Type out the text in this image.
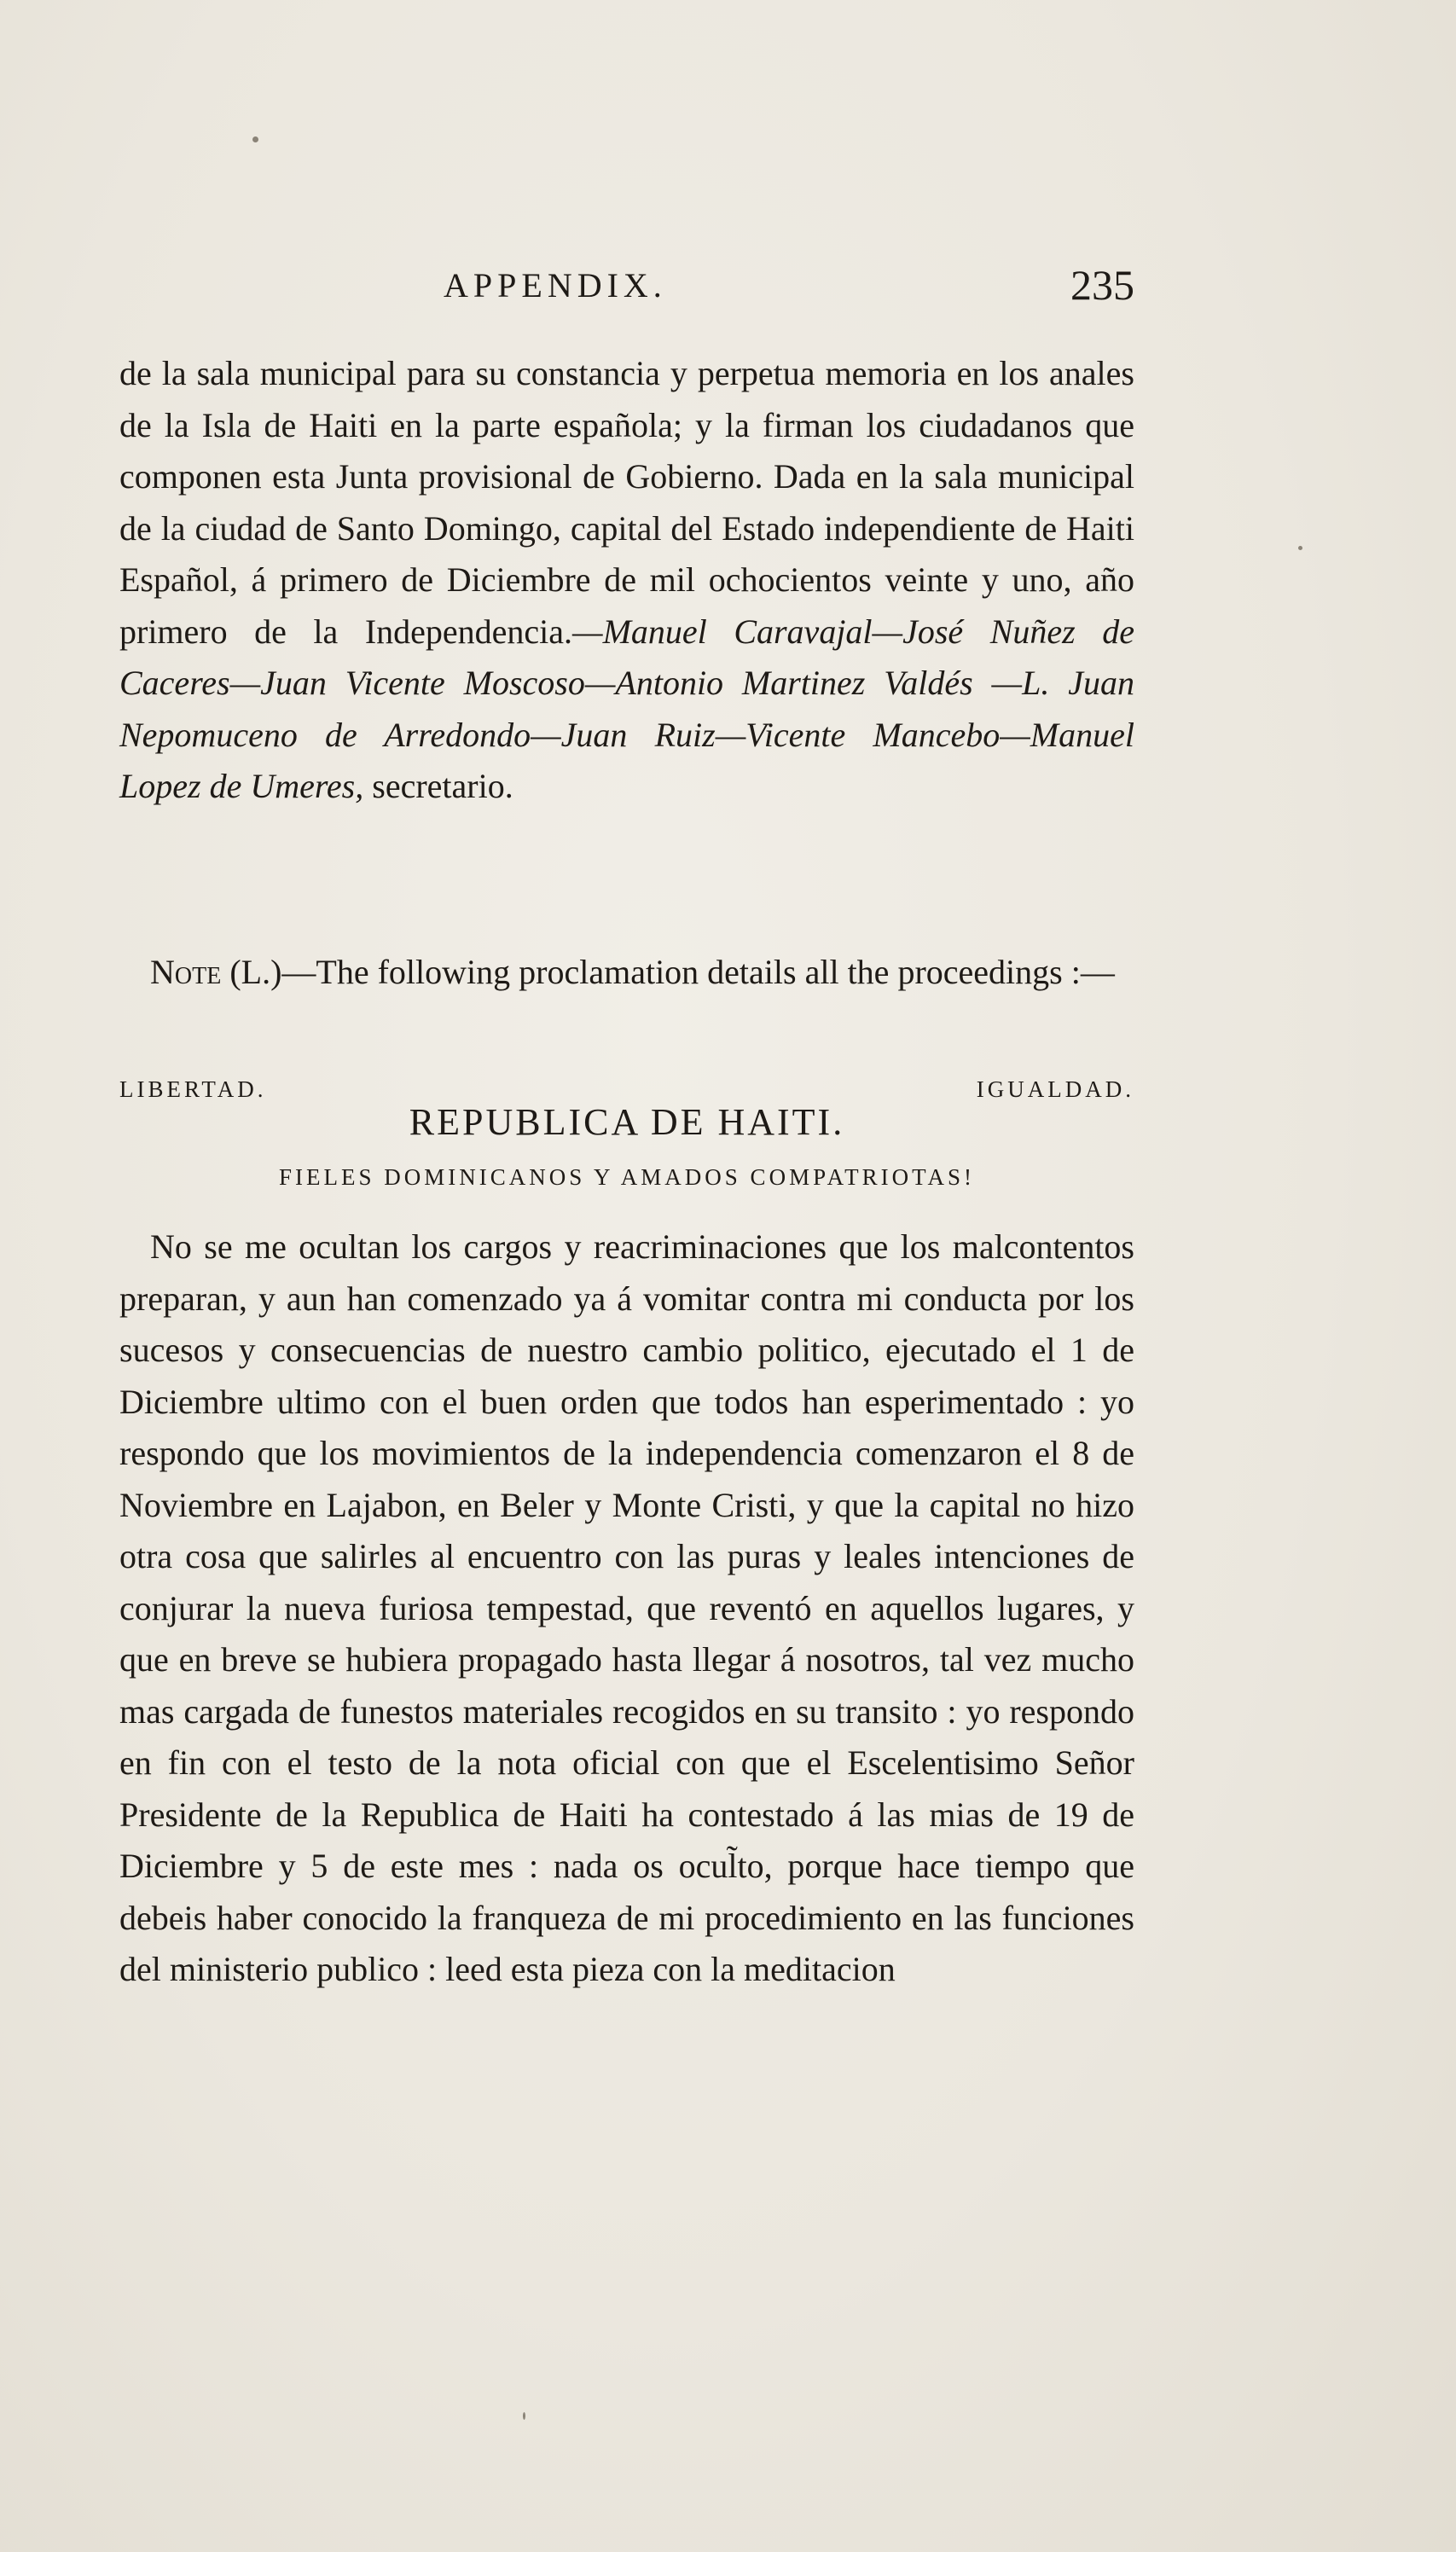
APPENDIX.	235

de la sala municipal para su constancia y perpetua memoria en los anales de la Isla de Haiti en la parte española; y la firman los ciudadanos que componen esta Junta provisional de Gobierno. Dada en la sala municipal de la ciudad de Santo Domingo, capital del Estado independiente de Haiti Español, á primero de Diciembre de mil ochocientos veinte y uno, año primero de la Independencia.—Manuel Caravajal—José Nuñez de Caceres—Juan Vicente Moscoso—Antonio Martinez Valdés —L. Juan Nepomuceno de Arredondo—Juan Ruiz—Vicente Mancebo—Manuel Lopez de Umeres, secretario.

Note (L.)—The following proclamation details all the proceedings :—

LIBERTAD.	IGUALDAD.
REPUBLICA DE HAITI.
FIELES DOMINICANOS Y AMADOS COMPATRIOTAS!

No se me ocultan los cargos y reacriminaciones que los malcontentos preparan, y aun han comenzado ya á vomitar contra mi conducta por los sucesos y consecuencias de nuestro cambio politico, ejecutado el 1 de Diciembre ultimo con el buen orden que todos han esperimentado : yo respondo que los movimientos de la independencia comenzaron el 8 de Noviembre en Lajabon, en Beler y Monte Cristi, y que la capital no hizo otra cosa que salirles al encuentro con las puras y leales intenciones de conjurar la nueva furiosa tempestad, que reventó en aquellos lugares, y que en breve se hubiera propagado hasta llegar á nosotros, tal vez mucho mas cargada de funestos materiales recogidos en su transito : yo respondo en fin con el testo de la nota oficial con que el Escelentisimo Señor Presidente de la Republica de Haiti ha contestado á las mias de 19 de Diciembre y 5 de este mes : nada os ocul̃to, porque hace tiempo que debeis haber conocido la franqueza de mi procedimiento en las funciones del ministerio publico : leed esta pieza con la meditacion
